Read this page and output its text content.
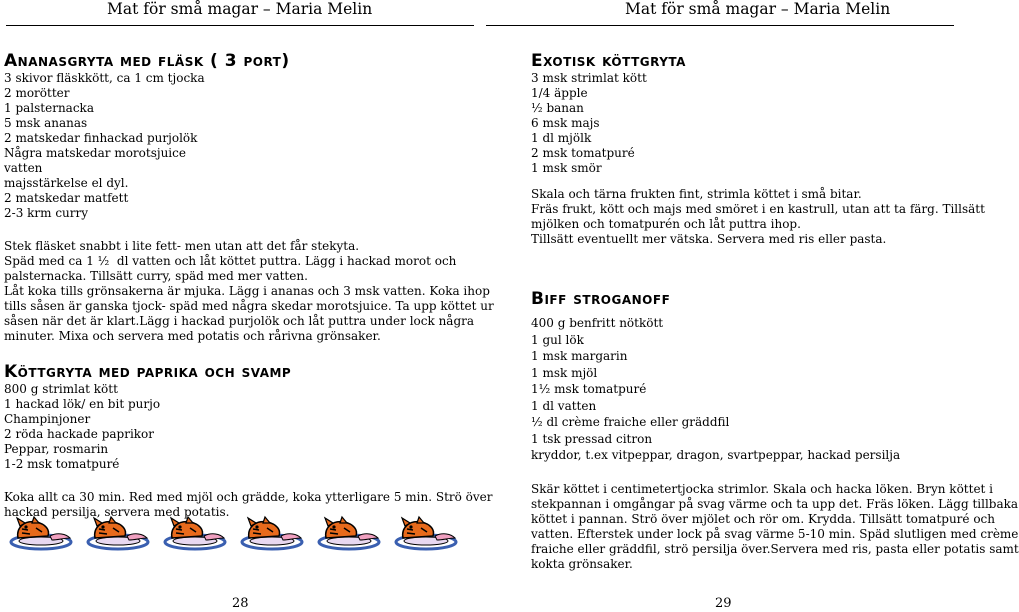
Mat för små magar – Maria Melin
Ananasgryta med fläsk ( 3 port)
3 skivor fläskkött, ca 1 cm tjocka
2 morötter
1 palsternacka
5 msk ananas
2 matskedar finhackad purjolök
Några matskedar morotsjuice
vatten
majsstärkelse el dyl.
2 matskedar matfett
2-3 krm curry
Stek fläsket snabbt i lite fett- men utan att det får stekyta.
Späd med ca 1 ½  dl vatten och låt köttet puttra. Lägg i hackad morot och
palsternacka. Tillsätt curry, späd med mer vatten.
Låt koka tills grönsakerna är mjuka. Lägg i ananas och 3 msk vatten. Koka ihop
tills såsen är ganska tjock- späd med några skedar morotsjuice. Ta upp köttet ur
såsen när det är klart.Lägg i hackad purjolök och låt puttra under lock några
minuter. Mixa och servera med potatis och rårivna grönsaker.
Köttgryta med paprika och svamp
800 g strimlat kött
1 hackad lök/ en bit purjo
Champinjoner
2 röda hackade paprikor
Peppar, rosmarin
1-2 msk tomatpuré
Koka allt ca 30 min. Red med mjöl och grädde, koka ytterligare 5 min. Strö över
hackad persilja, servera med potatis.
28
Mat för små magar – Maria Melin
Exotisk köttgryta
3 msk strimlat kött
1/4 äpple
½ banan
6 msk majs
1 dl mjölk
2 msk tomatpuré
1 msk smör
Skala och tärna frukten fint, strimla köttet i små bitar.
Fräs frukt, kött och majs med smöret i en kastrull, utan att ta färg. Tillsätt
mjölken och tomatpurén och låt puttra ihop.
Tillsätt eventuellt mer vätska. Servera med ris eller pasta.
Biff stroganoff
400 g benfritt nötkött
1 gul lök
1 msk margarin
1 msk mjöl
1½ msk tomatpuré
1 dl vatten
½ dl crème fraiche eller gräddfil
1 tsk pressad citron
kryddor, t.ex vitpeppar, dragon, svartpeppar, hackad persilja
Skär köttet i centimetertjocka strimlor. Skala och hacka löken. Bryn köttet i
stekpannan i omgångar på svag värme och ta upp det. Fräs löken. Lägg tillbaka
köttet i pannan. Strö över mjölet och rör om. Krydda. Tillsätt tomatpuré och
vatten. Efterstek under lock på svag värme 5-10 min. Späd slutligen med crème
fraiche eller gräddfil, strö persilja över.Servera med ris, pasta eller potatis samt
kokta grönsaker.
29
